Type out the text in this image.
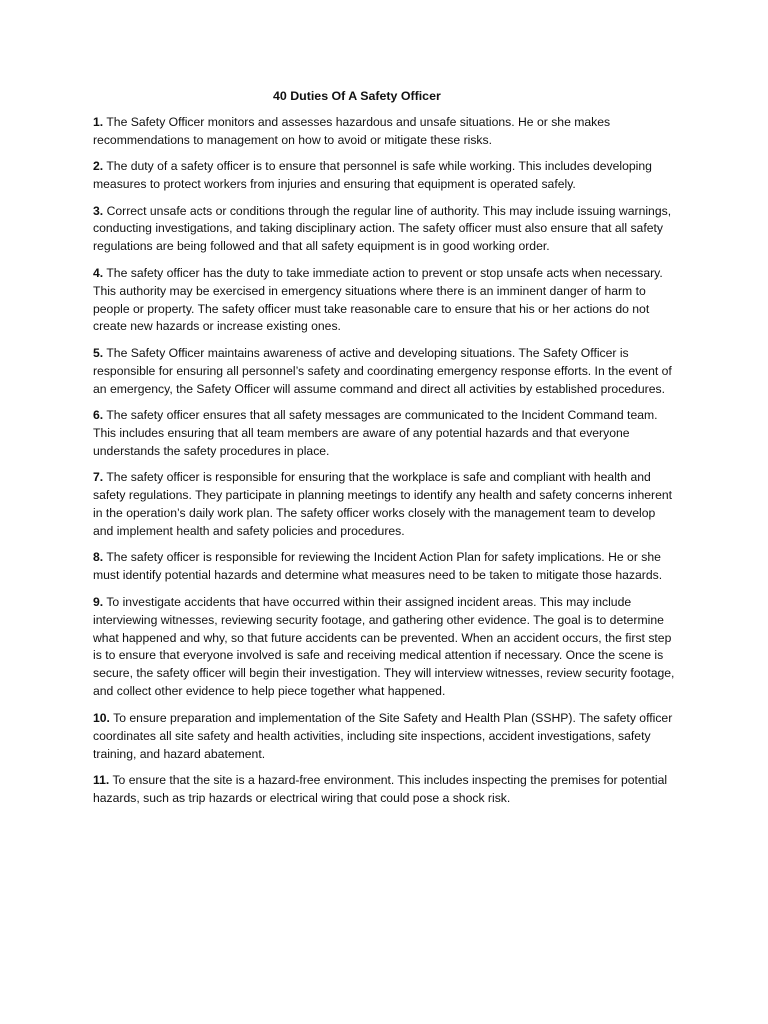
40 Duties Of A Safety Officer

1. The Safety Officer monitors and assesses hazardous and unsafe situations. He or she makes recommendations to management on how to avoid or mitigate these risks.

2. The duty of a safety officer is to ensure that personnel is safe while working. This includes developing measures to protect workers from injuries and ensuring that equipment is operated safely.

3. Correct unsafe acts or conditions through the regular line of authority. This may include issuing warnings, conducting investigations, and taking disciplinary action. The safety officer must also ensure that all safety regulations are being followed and that all safety equipment is in good working order.

4. The safety officer has the duty to take immediate action to prevent or stop unsafe acts when necessary. This authority may be exercised in emergency situations where there is an imminent danger of harm to people or property. The safety officer must take reasonable care to ensure that his or her actions do not create new hazards or increase existing ones.

5. The Safety Officer maintains awareness of active and developing situations. The Safety Officer is responsible for ensuring all personnel’s safety and coordinating emergency response efforts. In the event of an emergency, the Safety Officer will assume command and direct all activities by established procedures.

6. The safety officer ensures that all safety messages are communicated to the Incident Command team. This includes ensuring that all team members are aware of any potential hazards and that everyone understands the safety procedures in place.

7. The safety officer is responsible for ensuring that the workplace is safe and compliant with health and safety regulations. They participate in planning meetings to identify any health and safety concerns inherent in the operation’s daily work plan. The safety officer works closely with the management team to develop and implement health and safety policies and procedures.

8. The safety officer is responsible for reviewing the Incident Action Plan for safety implications. He or she must identify potential hazards and determine what measures need to be taken to mitigate those hazards.

9. To investigate accidents that have occurred within their assigned incident areas. This may include interviewing witnesses, reviewing security footage, and gathering other evidence. The goal is to determine what happened and why, so that future accidents can be prevented. When an accident occurs, the first step is to ensure that everyone involved is safe and receiving medical attention if necessary. Once the scene is secure, the safety officer will begin their investigation. They will interview witnesses, review security footage, and collect other evidence to help piece together what happened.

10. To ensure preparation and implementation of the Site Safety and Health Plan (SSHP). The safety officer coordinates all site safety and health activities, including site inspections, accident investigations, safety training, and hazard abatement.

11. To ensure that the site is a hazard-free environment. This includes inspecting the premises for potential hazards, such as trip hazards or electrical wiring that could pose a shock risk.
